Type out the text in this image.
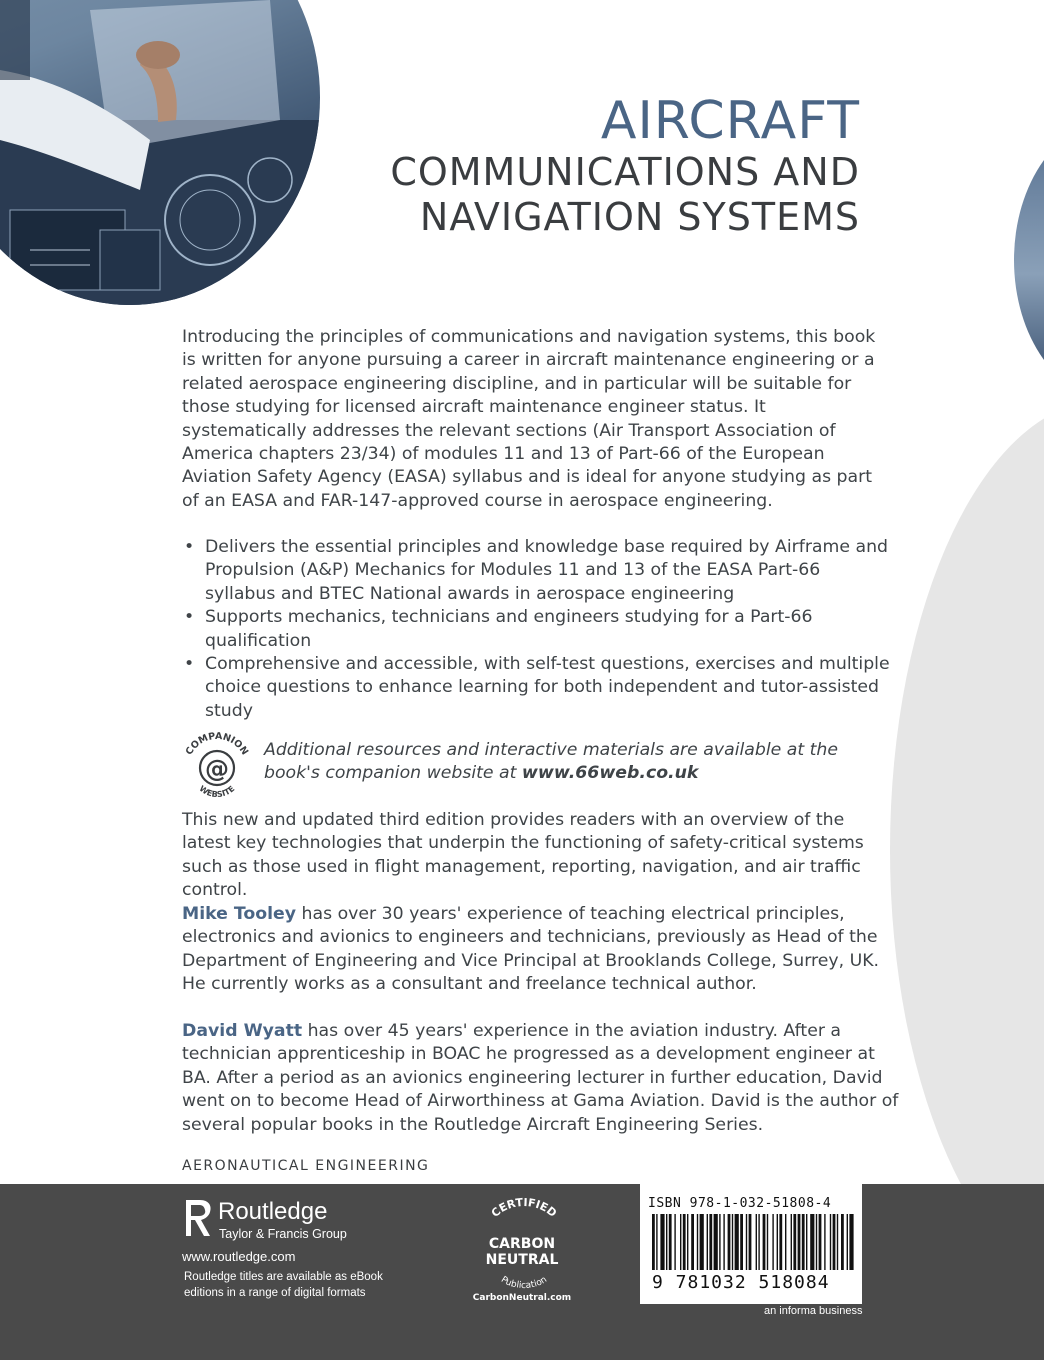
AIRCRAFT
COMMUNICATIONS AND
NAVIGATION SYSTEMS
Introducing the principles of communications and navigation systems, this book is written for anyone pursuing a career in aircraft maintenance engineering or a related aerospace engineering discipline, and in particular will be suitable for those studying for licensed aircraft maintenance engineer status. It systematically addresses the relevant sections (Air Transport Association of America chapters 23/34) of modules 11 and 13 of Part-66 of the European Aviation Safety Agency (EASA) syllabus and is ideal for anyone studying as part of an EASA and FAR-147-approved course in aerospace engineering.
• Delivers the essential principles and knowledge base required by Airframe and Propulsion (A&P) Mechanics for Modules 11 and 13 of the EASA Part-66 syllabus and BTEC National awards in aerospace engineering
• Supports mechanics, technicians and engineers studying for a Part-66 qualification
• Comprehensive and accessible, with self-test questions, exercises and multiple choice questions to enhance learning for both independent and tutor-assisted study
COMPANION
WEBSITE
@
Additional resources and interactive materials are available at the book's companion website at www.66web.co.uk
This new and updated third edition provides readers with an overview of the latest key technologies that underpin the functioning of safety-critical systems such as those used in flight management, reporting, navigation, and air traffic control.
Mike Tooley has over 30 years' experience of teaching electrical principles, electronics and avionics to engineers and technicians, previously as Head of the Department of Engineering and Vice Principal at Brooklands College, Surrey, UK. He currently works as a consultant and freelance technical author.
David Wyatt has over 45 years' experience in the aviation industry. After a technician apprenticeship in BOAC he progressed as a development engineer at BA. After a period as an avionics engineering lecturer in further education, David went on to become Head of Airworthiness at Gama Aviation. David is the author of several popular books in the Routledge Aircraft Engineering Series.
AERONAUTICAL ENGINEERING
Routledge
Taylor & Francis Group
www.routledge.com
Routledge titles are available as eBook
editions in a range of digital formats
CERTIFIED
CARBON
NEUTRAL
Publication
CarbonNeutral.com
ISBN 978-1-032-51808-4
9 781032 518084
an informa business
